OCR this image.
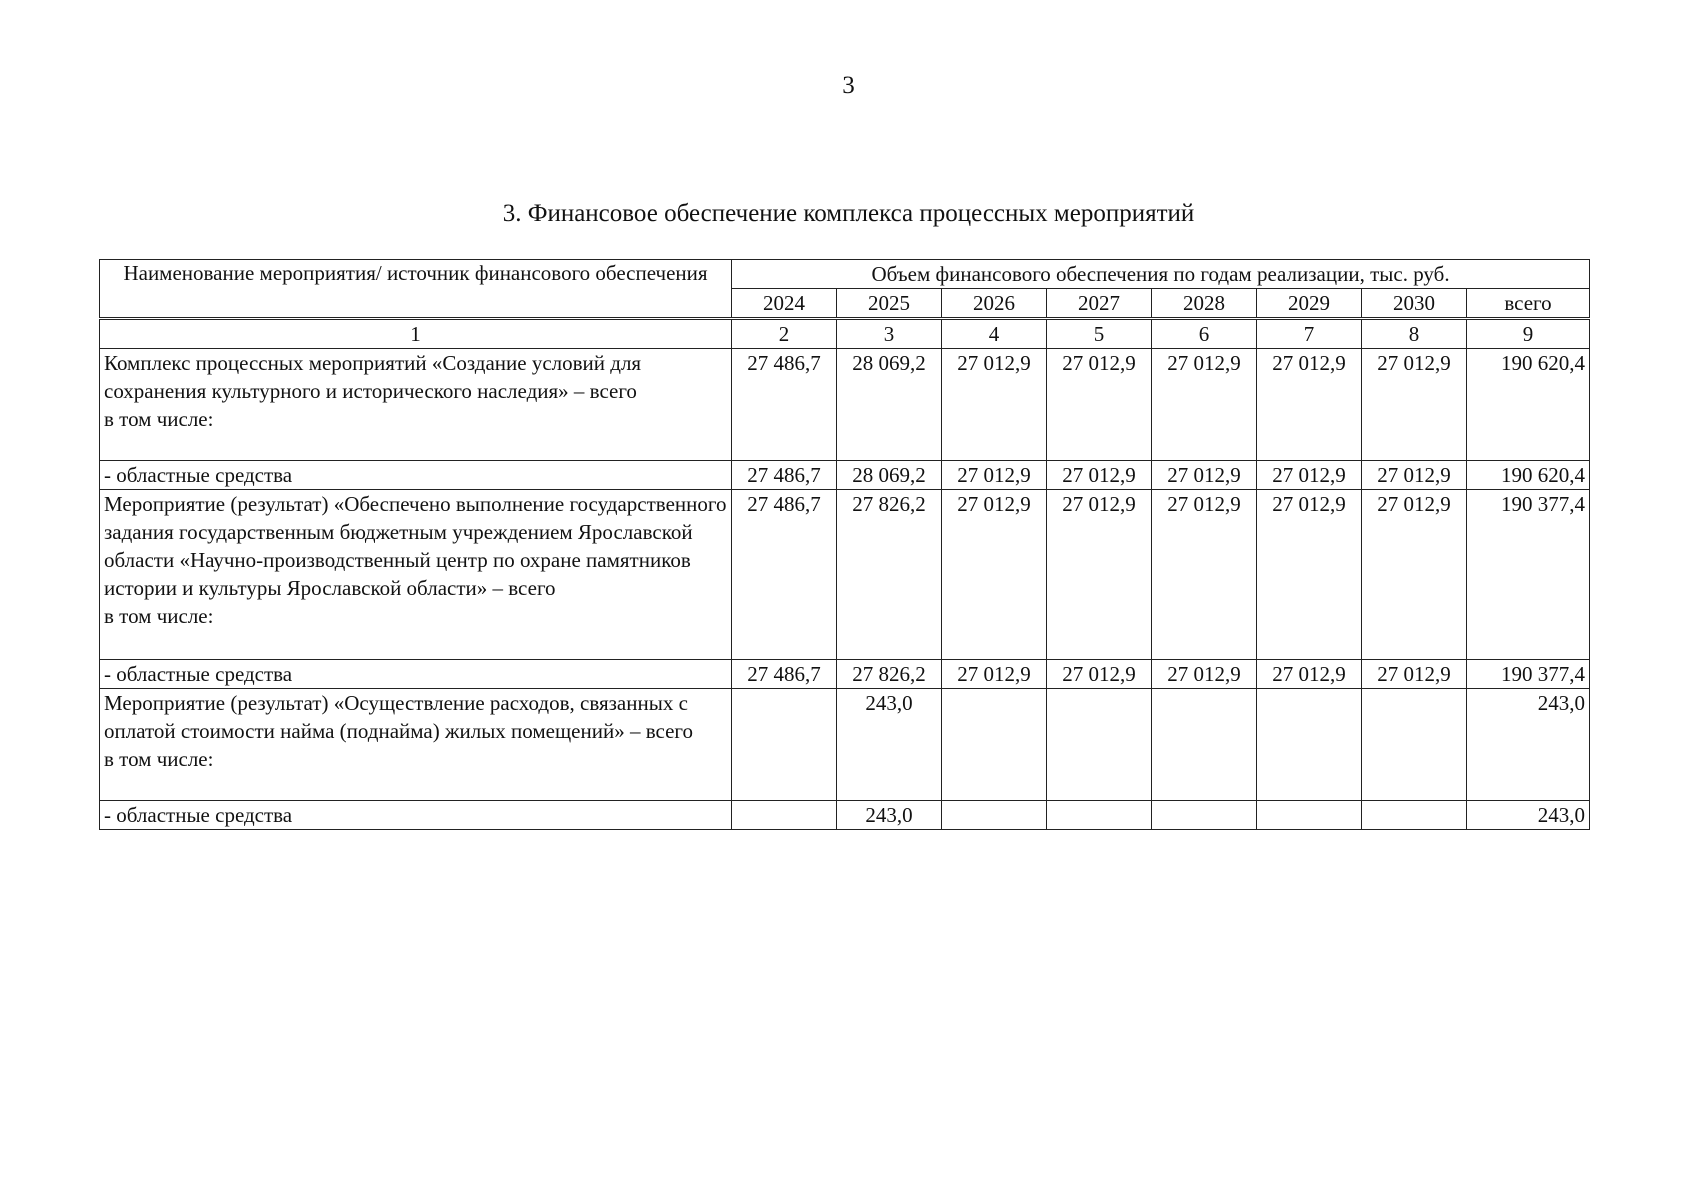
3
3. Финансовое обеспечение комплекса процессных мероприятий
Наименование мероприятия/ источник финансового обеспечения	Объем финансового обеспечения по годам реализации, тыс. руб.							
	2024	2025	2026	2027	2028	2029	2030	всего
1	2	3	4	5	6	7	8	9

Комплекс процессных мероприятий «Создание условий для сохранения культурного и исторического наследия» – всего
в том числе:	27 486,7	28 069,2	27 012,9	27 012,9	27 012,9	27 012,9	27 012,9	190 620,4

- областные средства	27 486,7	28 069,2	27 012,9	27 012,9	27 012,9	27 012,9	27 012,9	190 620,4

Мероприятие (результат) «Обеспечено выполнение государственного задания государственным бюджетным учреждением Ярославской области «Научно-производственный центр по охране памятников истории и культуры Ярославской области» – всего
в том числе:	27 486,7	27 826,2	27 012,9	27 012,9	27 012,9	27 012,9	27 012,9	190 377,4

- областные средства	27 486,7	27 826,2	27 012,9	27 012,9	27 012,9	27 012,9	27 012,9	190 377,4

Мероприятие (результат) «Осуществление расходов, связанных с оплатой стоимости найма (поднайма) жилых помещений» – всего
в том числе:		243,0						243,0

- областные средства		243,0						243,0
